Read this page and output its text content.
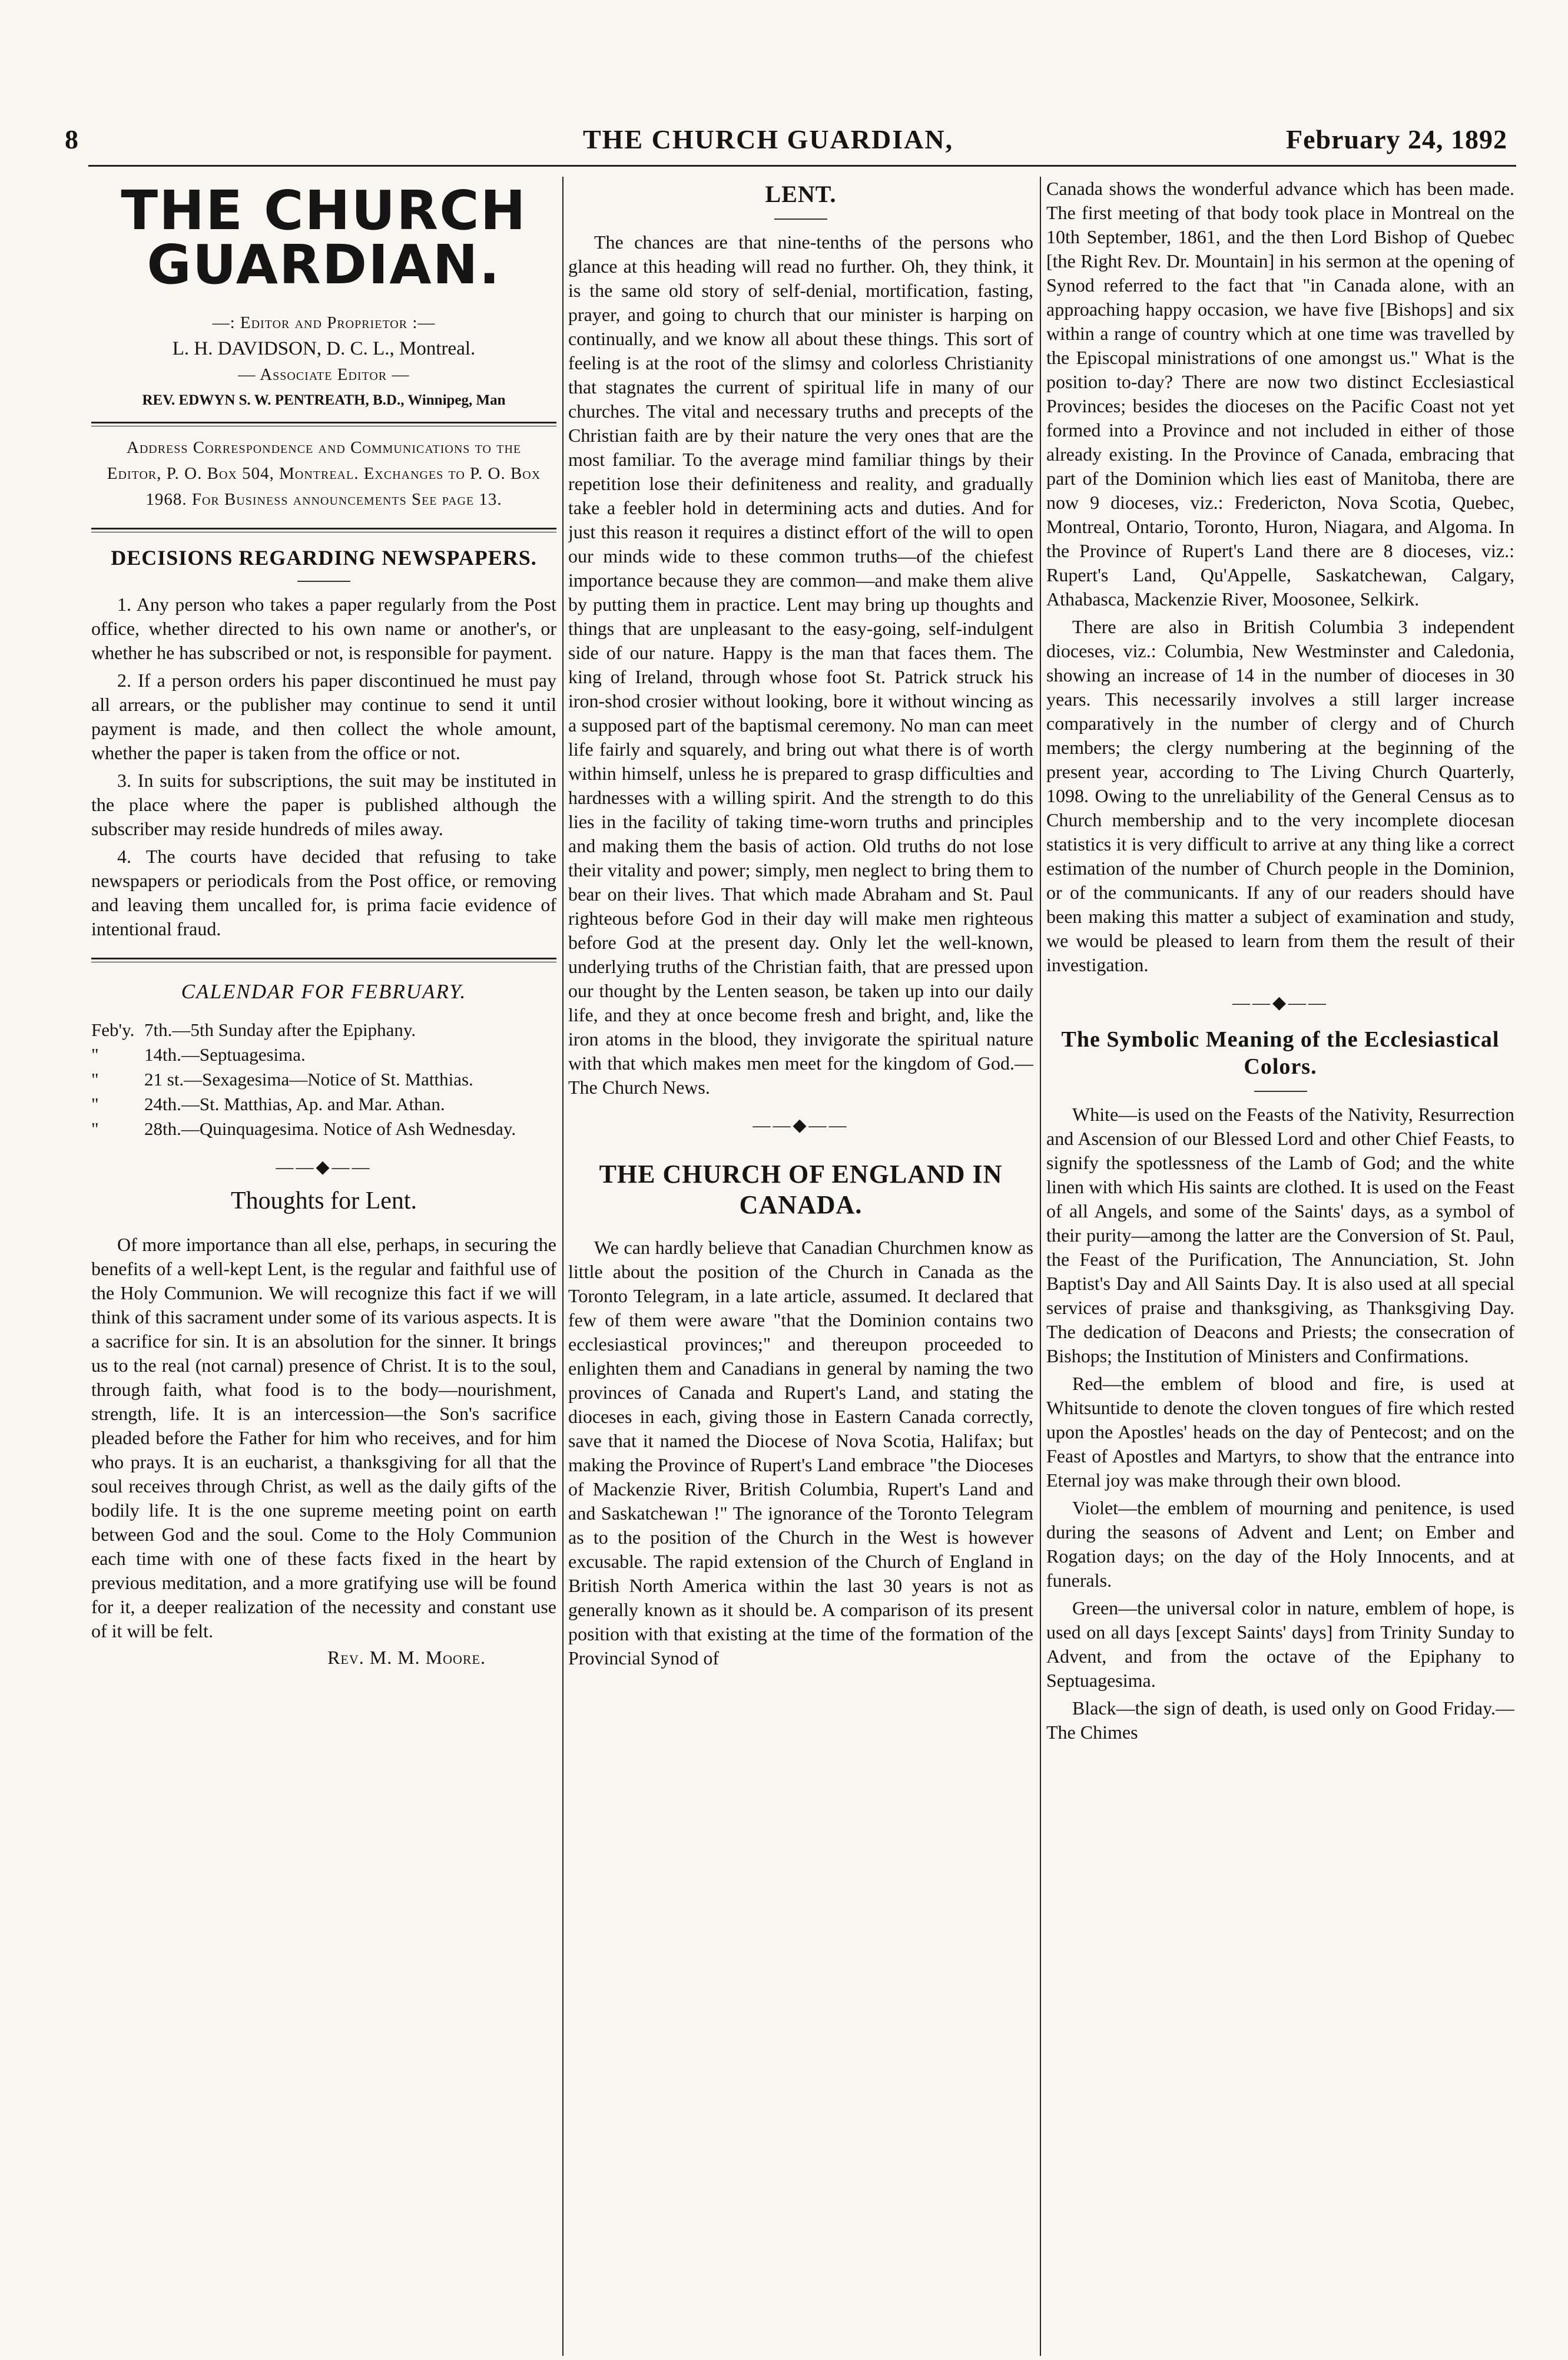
8	THE CHURCH GUARDIAN,	February 24, 1892
THE CHURCH GUARDIAN.
—: Editor and Proprietor :—
L. H. DAVIDSON, D. C. L., Montreal.
— Associate Editor —
REV. EDWYN S. W. PENTREATH, B.D., Winnipeg, Man
Address Correspondence and Communications to the Editor, P. O. Box 504, Montreal. Exchanges to P. O. Box 1968. For Business announcements See page 13.
DECISIONS REGARDING NEWSPAPERS.

1. Any person who takes a paper regularly from the Post office, whether directed to his own name or another's, or whether he has subscribed or not, is responsible for payment.

2. If a person orders his paper discontinued he must pay all arrears, or the publisher may continue to send it until payment is made, and then collect the whole amount, whether the paper is taken from the office or not.

3. In suits for subscriptions, the suit may be instituted in the place where the paper is published although the subscriber may reside hundreds of miles away.

4. The courts have decided that refusing to take newspapers or periodicals from the Post office, or removing and leaving them uncalled for, is prima facie evidence of intentional fraud.

CALENDAR FOR FEBRUARY.
Feb'y. 7th.—5th Sunday after the Epiphany.
"	14th.—Septuagesima.
"	21 st.—Sexagesima—Notice of St. Matthias.
"	24th.—St. Matthias, Ap. and Mar. Athan.
"	28th.—Quinquagesima. Notice of Ash Wednesday.
——◆——
Thoughts for Lent.

Of more importance than all else, perhaps, in securing the benefits of a well-kept Lent, is the regular and faithful use of the Holy Communion. We will recognize this fact if we will think of this sacrament under some of its various aspects. It is a sacrifice for sin. It is an absolution for the sinner. It brings us to the real (not carnal) presence of Christ. It is to the soul, through faith, what food is to the body—nourishment, strength, life. It is an intercession—the Son's sacrifice pleaded before the Father for him who receives, and for him who prays. It is an eucharist, a thanksgiving for all that the soul receives through Christ, as well as the daily gifts of the bodily life. It is the one supreme meeting point on earth between God and the soul. Come to the Holy Communion each time with one of these facts fixed in the heart by previous meditation, and a more gratifying use will be found for it, a deeper realization of the necessity and constant use of it will be felt.

Rev. M. M. Moore.
LENT.

The chances are that nine-tenths of the persons who glance at this heading will read no further. Oh, they think, it is the same old story of self-denial, mortification, fasting, prayer, and going to church that our minister is harping on continually, and we know all about these things. This sort of feeling is at the root of the slimsy and colorless Christianity that stagnates the current of spiritual life in many of our churches. The vital and necessary truths and precepts of the Christian faith are by their nature the very ones that are the most familiar. To the average mind familiar things by their repetition lose their definiteness and reality, and gradually take a feebler hold in determining acts and duties. And for just this reason it requires a distinct effort of the will to open our minds wide to these common truths—of the chiefest importance because they are common—and make them alive by putting them in practice. Lent may bring up thoughts and things that are unpleasant to the easy-going, self-indulgent side of our nature. Happy is the man that faces them. The king of Ireland, through whose foot St. Patrick struck his iron-shod crosier without looking, bore it without wincing as a supposed part of the baptismal ceremony. No man can meet life fairly and squarely, and bring out what there is of worth within himself, unless he is prepared to grasp difficulties and hardnesses with a willing spirit. And the strength to do this lies in the facility of taking time-worn truths and principles and making them the basis of action. Old truths do not lose their vitality and power; simply, men neglect to bring them to bear on their lives. That which made Abraham and St. Paul righteous before God in their day will make men righteous before God at the present day. Only let the well-known, underlying truths of the Christian faith, that are pressed upon our thought by the Lenten season, be taken up into our daily life, and they at once become fresh and bright, and, like the iron atoms in the blood, they invigorate the spiritual nature with that which makes men meet for the kingdom of God.—The Church News.

——◆——
THE CHURCH OF ENGLAND IN CANADA.

We can hardly believe that Canadian Churchmen know as little about the position of the Church in Canada as the Toronto Telegram, in a late article, assumed. It declared that few of them were aware "that the Dominion contains two ecclesiastical provinces;" and thereupon proceeded to enlighten them and Canadians in general by naming the two provinces of Canada and Rupert's Land, and stating the dioceses in each, giving those in Eastern Canada correctly, save that it named the Diocese of Nova Scotia, Halifax; but making the Province of Rupert's Land embrace "the Dioceses of Mackenzie River, British Columbia, Rupert's Land and and Saskatchewan !" The ignorance of the Toronto Telegram as to the position of the Church in the West is however excusable. The rapid extension of the Church of England in British North America within the last 30 years is not as generally known as it should be. A comparison of its present position with that existing at the time of the formation of the Provincial Synod of

Canada shows the wonderful advance which has been made. The first meeting of that body took place in Montreal on the 10th September, 1861, and the then Lord Bishop of Quebec [the Right Rev. Dr. Mountain] in his sermon at the opening of Synod referred to the fact that "in Canada alone, with an approaching happy occasion, we have five [Bishops] and six within a range of country which at one time was travelled by the Episcopal ministrations of one amongst us." What is the position to-day? There are now two distinct Ecclesiastical Provinces; besides the dioceses on the Pacific Coast not yet formed into a Province and not included in either of those already existing. In the Province of Canada, embracing that part of the Dominion which lies east of Manitoba, there are now 9 dioceses, viz.: Fredericton, Nova Scotia, Quebec, Montreal, Ontario, Toronto, Huron, Niagara, and Algoma. In the Province of Rupert's Land there are 8 dioceses, viz.: Rupert's Land, Qu'Appelle, Saskatchewan, Calgary, Athabasca, Mackenzie River, Moosonee, Selkirk.

There are also in British Columbia 3 independent dioceses, viz.: Columbia, New Westminster and Caledonia, showing an increase of 14 in the number of dioceses in 30 years. This necessarily involves a still larger increase comparatively in the number of clergy and of Church members; the clergy numbering at the beginning of the present year, according to The Living Church Quarterly, 1098. Owing to the unreliability of the General Census as to Church membership and to the very incomplete diocesan statistics it is very difficult to arrive at any thing like a correct estimation of the number of Church people in the Dominion, or of the communicants. If any of our readers should have been making this matter a subject of examination and study, we would be pleased to learn from them the result of their investigation.

——◆——
The Symbolic Meaning of the Ecclesiastical Colors.

White—is used on the Feasts of the Nativity, Resurrection and Ascension of our Blessed Lord and other Chief Feasts, to signify the spotlessness of the Lamb of God; and the white linen with which His saints are clothed. It is used on the Feast of all Angels, and some of the Saints' days, as a symbol of their purity—among the latter are the Conversion of St. Paul, the Feast of the Purification, The Annunciation, St. John Baptist's Day and All Saints Day. It is also used at all special services of praise and thanksgiving, as Thanksgiving Day. The dedication of Deacons and Priests; the consecration of Bishops; the Institution of Ministers and Confirmations.

Red—the emblem of blood and fire, is used at Whitsuntide to denote the cloven tongues of fire which rested upon the Apostles' heads on the day of Pentecost; and on the Feast of Apostles and Martyrs, to show that the entrance into Eternal joy was make through their own blood.

Violet—the emblem of mourning and penitence, is used during the seasons of Advent and Lent; on Ember and Rogation days; on the day of the Holy Innocents, and at funerals.

Green—the universal color in nature, emblem of hope, is used on all days [except Saints' days] from Trinity Sunday to Advent, and from the octave of the Epiphany to Septuagesima.

Black—the sign of death, is used only on Good Friday.—The Chimes
